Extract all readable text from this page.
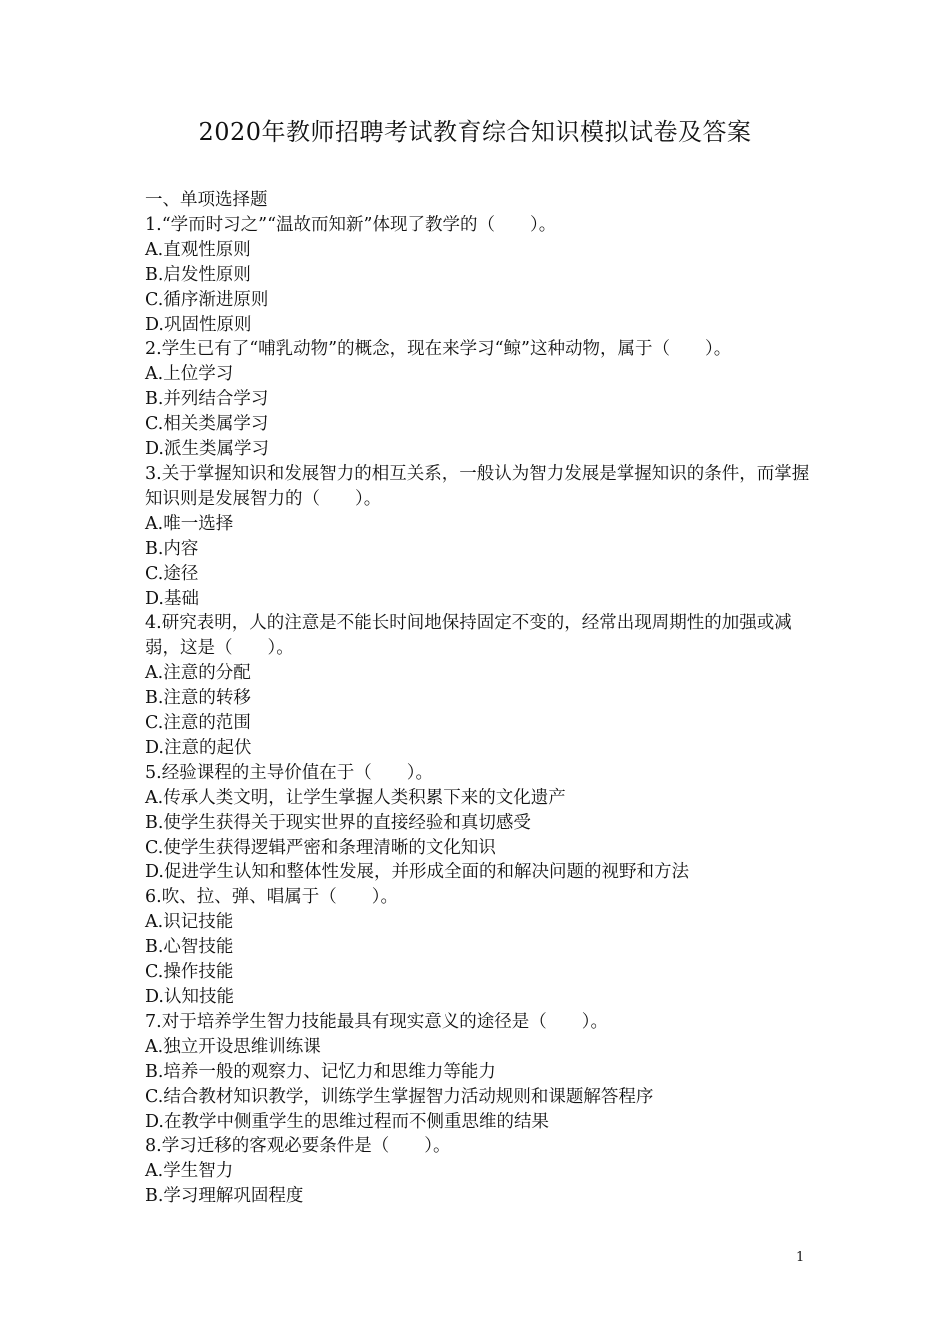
2020年教师招聘考试教育综合知识模拟试卷及答案

一、单项选择题

1.“学而时习之”“温故而知新”体现了教学的（　　）。

A.直观性原则

B.启发性原则

C.循序渐进原则

D.巩固性原则

2.学生已有了“哺乳动物”的概念，现在来学习“鲸”这种动物，属于（　　）。

A.上位学习

B.并列结合学习

C.相关类属学习

D.派生类属学习

3.关于掌握知识和发展智力的相互关系，一般认为智力发展是掌握知识的条件，而掌握知识则是发展智力的（　　）。

A.唯一选择

B.内容

C.途径

D.基础

4.研究表明，人的注意是不能长时间地保持固定不变的，经常出现周期性的加强或减弱，这是（　　）。

A.注意的分配

B.注意的转移

C.注意的范围

D.注意的起伏

5.经验课程的主导价值在于（　　）。

A.传承人类文明，让学生掌握人类积累下来的文化遗产

B.使学生获得关于现实世界的直接经验和真切感受

C.使学生获得逻辑严密和条理清晰的文化知识

D.促进学生认知和整体性发展，并形成全面的和解决问题的视野和方法

6.吹、拉、弹、唱属于（　　）。

A.识记技能

B.心智技能

C.操作技能

D.认知技能

7.对于培养学生智力技能最具有现实意义的途径是（　　）。

A.独立开设思维训练课

B.培养一般的观察力、记忆力和思维力等能力

C.结合教材知识教学，训练学生掌握智力活动规则和课题解答程序

D.在教学中侧重学生的思维过程而不侧重思维的结果

8.学习迁移的客观必要条件是（　　）。

A.学生智力

B.学习理解巩固程度

1
